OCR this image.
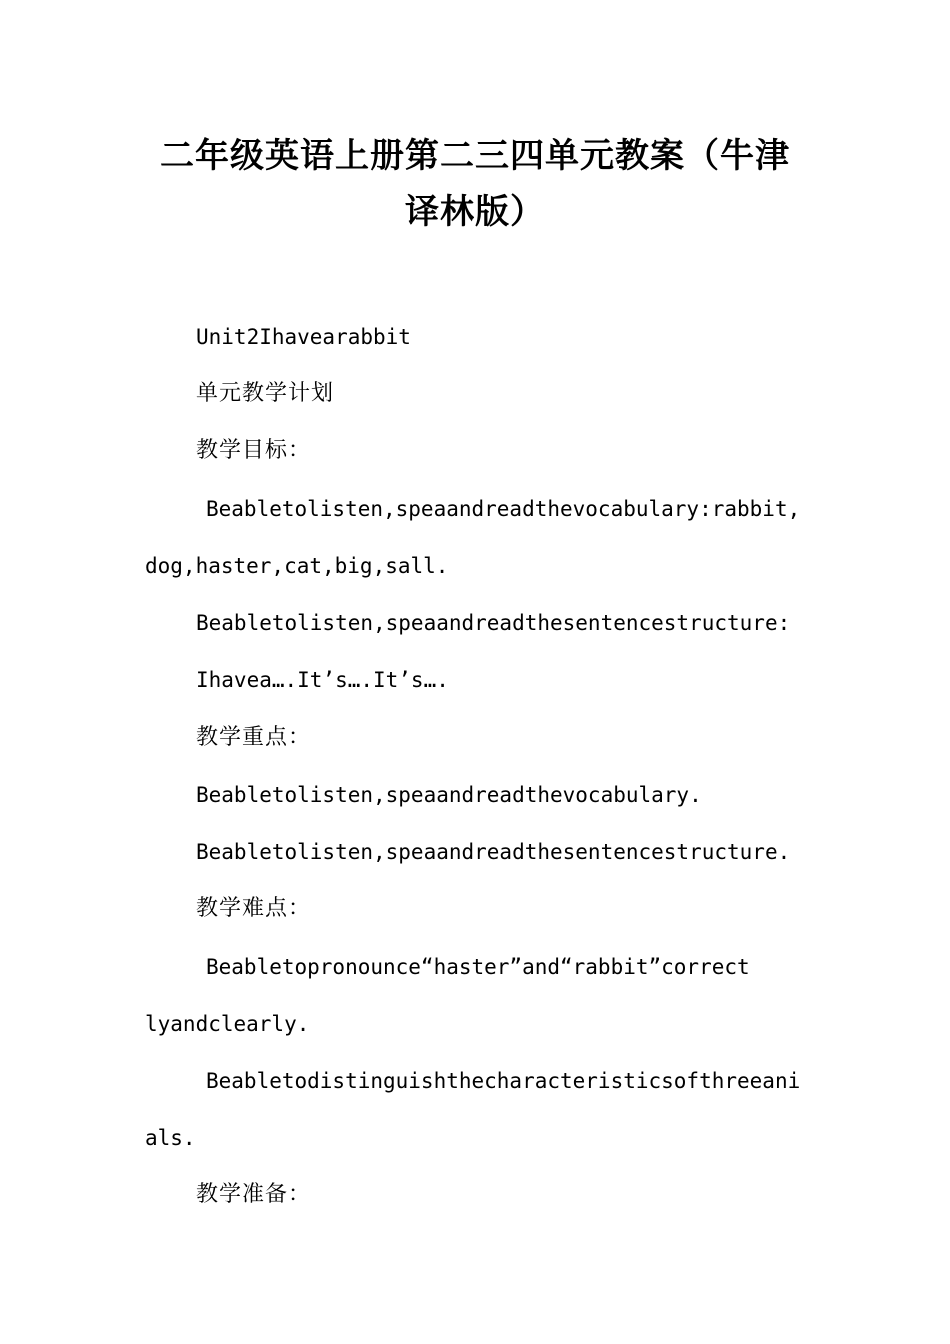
二年级英语上册第二三四单元教案（牛津
译林版）

Unit2Ihavearabbit

单元教学计划

教学目标：

Beabletolisten,speaandreadthevocabulary:rabbit,

dog,haster,cat,big,sall.

Beabletolisten,speaandreadthesentencestructure:

Ihavea….It’s….It’s….

教学重点：

Beabletolisten,speaandreadthevocabulary.

Beabletolisten,speaandreadthesentencestructure.

教学难点：

Beabletopronounce“haster”and“rabbit”correct

lyandclearly.

Beabletodistinguishthecharacteristicsofthreeani

als.

教学准备：
